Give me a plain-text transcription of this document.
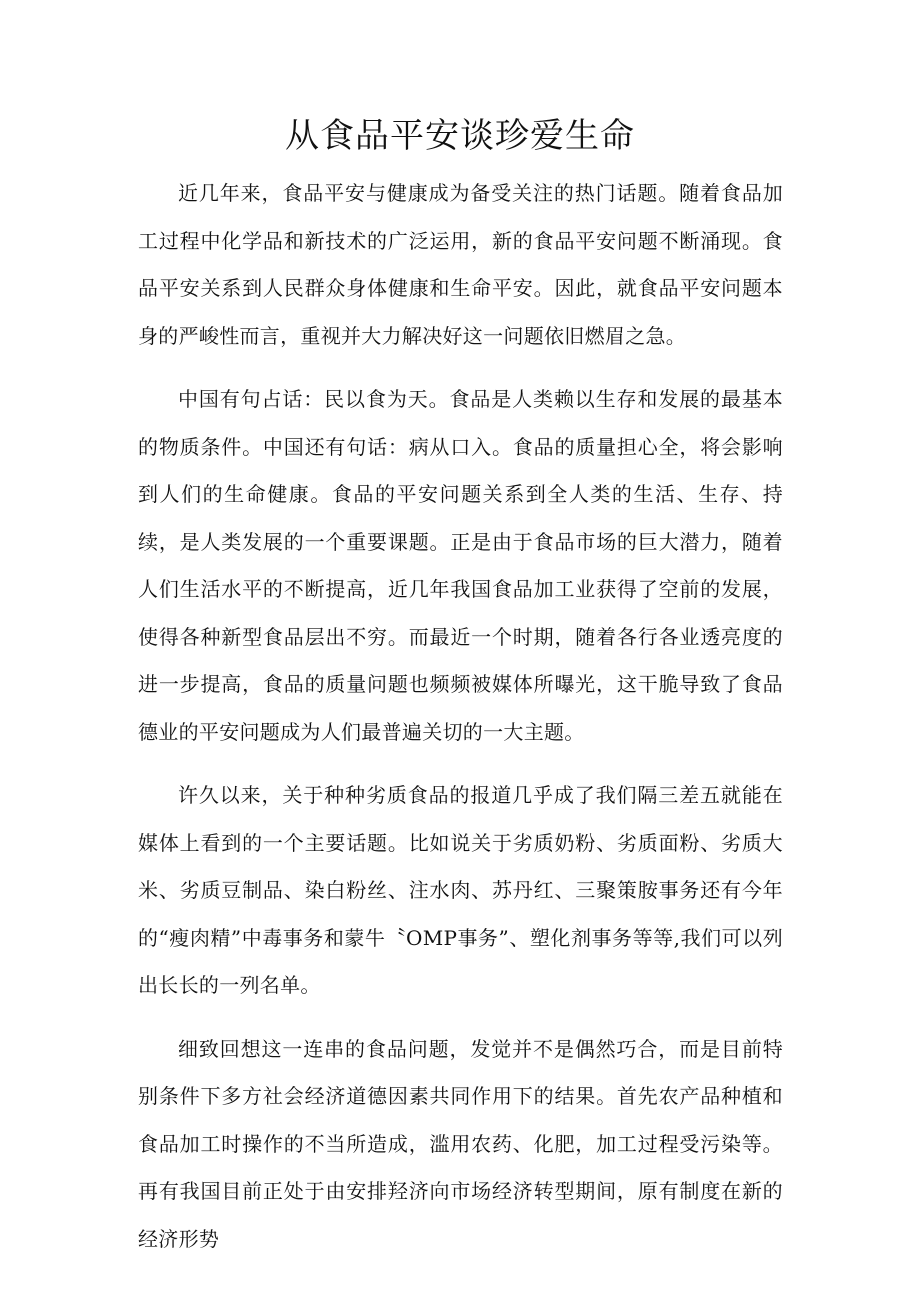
从食品平安谈珍爱生命

近几年来，食品平安与健康成为备受关注的热门话题。随着食品加工过程中化学品和新技术的广泛运用，新的食品平安问题不断涌现。食品平安关系到人民群众身体健康和生命平安。因此，就食品平安问题本身的严峻性而言，重视并大力解决好这一问题依旧燃眉之急。

中国有句占话：民以食为天。食品是人类赖以生存和发展的最基本的物质条件。中国还有句话：病从口入。食品的质量担心全，将会影响到人们的生命健康。食品的平安问题关系到全人类的生活、生存、持续，是人类发展的一个重要课题。正是由于食品市场的巨大潜力，随着人们生活水平的不断提高，近几年我国食品加工业获得了空前的发展，使得各种新型食品层出不穷。而最近一个时期，随着各行各业透亮度的进一步提高，食品的质量问题也频频被媒体所曝光，这干脆导致了食品德业的平安问题成为人们最普遍关切的一大主题。

许久以来，关于种种劣质食品的报道几乎成了我们隔三差五就能在媒体上看到的一个主要话题。比如说关于劣质奶粉、劣质面粉、劣质大米、劣质豆制品、染白粉丝、注水肉、苏丹红、三聚策胺事务还有今年的“瘦肉精”中毒事务和蒙牛〝OMP事务”、塑化剂事务等等,我们可以列出长长的一列名单。

细致回想这一连串的食品问题，发觉并不是偶然巧合，而是目前特别条件下多方社会经济道德因素共同作用下的结果。首先农产品种植和食品加工时操作的不当所造成，滥用农药、化肥，加工过程受污染等。再有我国目前正处于由安排羟济向市场经济转型期间，原有制度在新的经济形势
